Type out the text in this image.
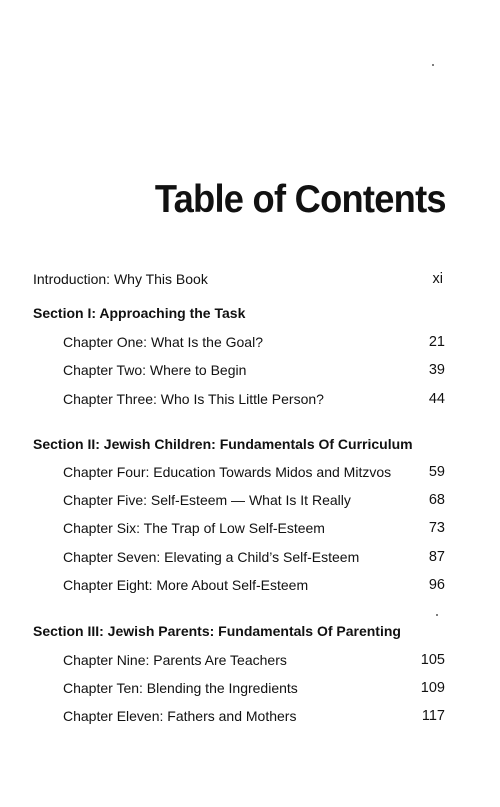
Table of Contents
Introduction: Why This Book	xi
Section I: Approaching the Task
Chapter One: What Is the Goal?	21
Chapter Two: Where to Begin	39
Chapter Three: Who Is This Little Person?	44
Section II: Jewish Children: Fundamentals Of Curriculum
Chapter Four: Education Towards Midos and Mitzvos	59
Chapter Five: Self-Esteem — What Is It Really	68
Chapter Six: The Trap of Low Self-Esteem	73
Chapter Seven: Elevating a Child’s Self-Esteem	87
Chapter Eight: More About Self-Esteem	96
Section III: Jewish Parents: Fundamentals Of Parenting
Chapter Nine: Parents Are Teachers	105
Chapter Ten: Blending the Ingredients	109
Chapter Eleven: Fathers and Mothers	117
